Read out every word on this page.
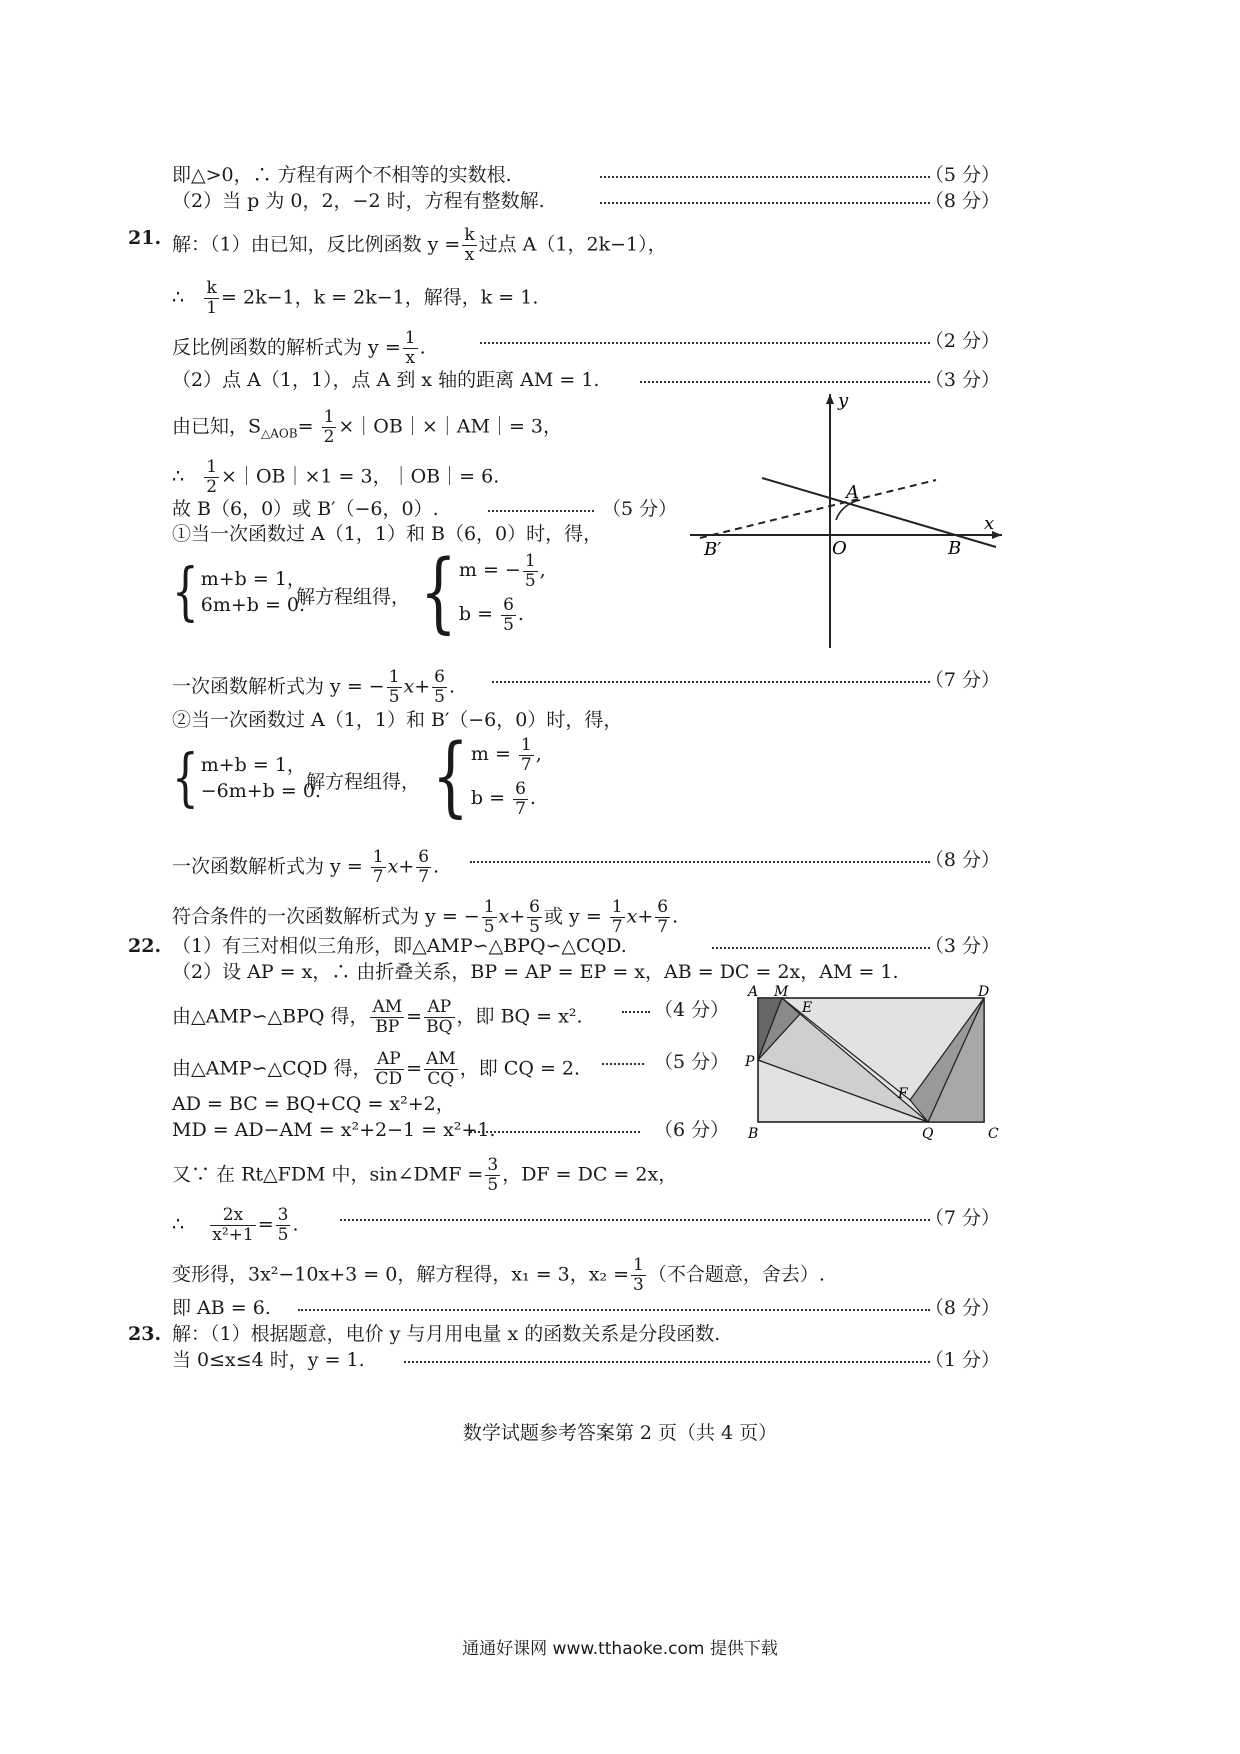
即△>0，∴ 方程有两个不相等的实数根.	（5 分）
（2）当 p 为 0，2，−2 时，方程有整数解.	（8 分）
21. 解：（1）由已知，反比例函数 $y = \frac{k}{x}$ 过点 A（1，2k−1），
∴ $\frac{k}{1} = 2k-1$，k = 2k−1，解得，k = 1.
反比例函数的解析式为 $y = \frac{1}{x}$ .	（2 分）
（2）点 A（1，1），点 A 到 x 轴的距离 AM = 1.	（3 分）
由已知，$S_{\triangle AOB}= \frac{1}{2}$ ×｜OB｜×｜AM｜= 3，
∴ $\frac{1}{2}$ ×｜OB｜×1 = 3，｜OB｜= 6.
故 B（6，0）或 B′（−6，0）.	（5 分）
①当一次函数过 A（1，1）和 B（6，0）时，得，
{ m+b = 1，
6m+b = 0.
解方程组得， { m = − $\frac{1}{5}$ ,
$b = \frac{6}{5}$ .
一次函数解析式为 y = − $\frac{1}{5} x+ \frac{6}{5}$ .	（7 分）
②当一次函数过 A（1，1）和 B′（−6，0）时，得，
{ m+b = 1，
−6m+b = 0.
解方程组得， { $m = \frac{1}{7}$ ,
$b = \frac{6}{7}$ .
一次函数解析式为 $y = \frac{1}{7} x+ \frac{6}{7}$ .	（8 分）
符合条件的一次函数解析式为 y = − $\frac{1}{5} x+ \frac{6}{5}$ 或 $y = \frac{1}{7} x+ \frac{6}{7}$ .
y
x
A
O	B
B′
22. （1）有三对相似三角形，即△AMP∽△BPQ∽△CQD.	（3 分）
（2）设 AP = x，∴ 由折叠关系，BP = AP = EP = x，AB = DC = 2x，AM = 1.
由△AMP∽△BPQ 得， $\frac{AM}{BP} = \frac{AP}{BQ}$ ，即 BQ = x².	（4 分）
由△AMP∽△CQD 得， $\frac{AP}{CD} = \frac{AM}{CQ}$ ，即 CQ = 2.	（5 分）
AD = BC = BQ+CQ = x²+2，
MD = AD−AM = x²+2−1 = x²+1.	（6 分）
又∵ 在 Rt△FDM 中，sin∠DMF = $\frac{3}{5}$ ，DF = DC = 2x，
∴ $\frac{2x}{\text{x²+1}} = \frac{3}{5}$ .	（7 分）
变形得，3x²−10x+3 = 0，解方程得，x₁ = 3，$x_2 = \frac{1}{3}$ （不合题意，舍去）.
即 AB = 6.	（8 分）
A M
E
D
P
F
B	Q	C
23. 解：（1）根据题意，电价 y 与月用电量 x 的函数关系是分段函数.
当 0≤x≤4 时，y = 1.	（1 分）
数学试题参考答案第 2 页（共 4 页）
通通好课网 www.tthaoke.com 提供下载
